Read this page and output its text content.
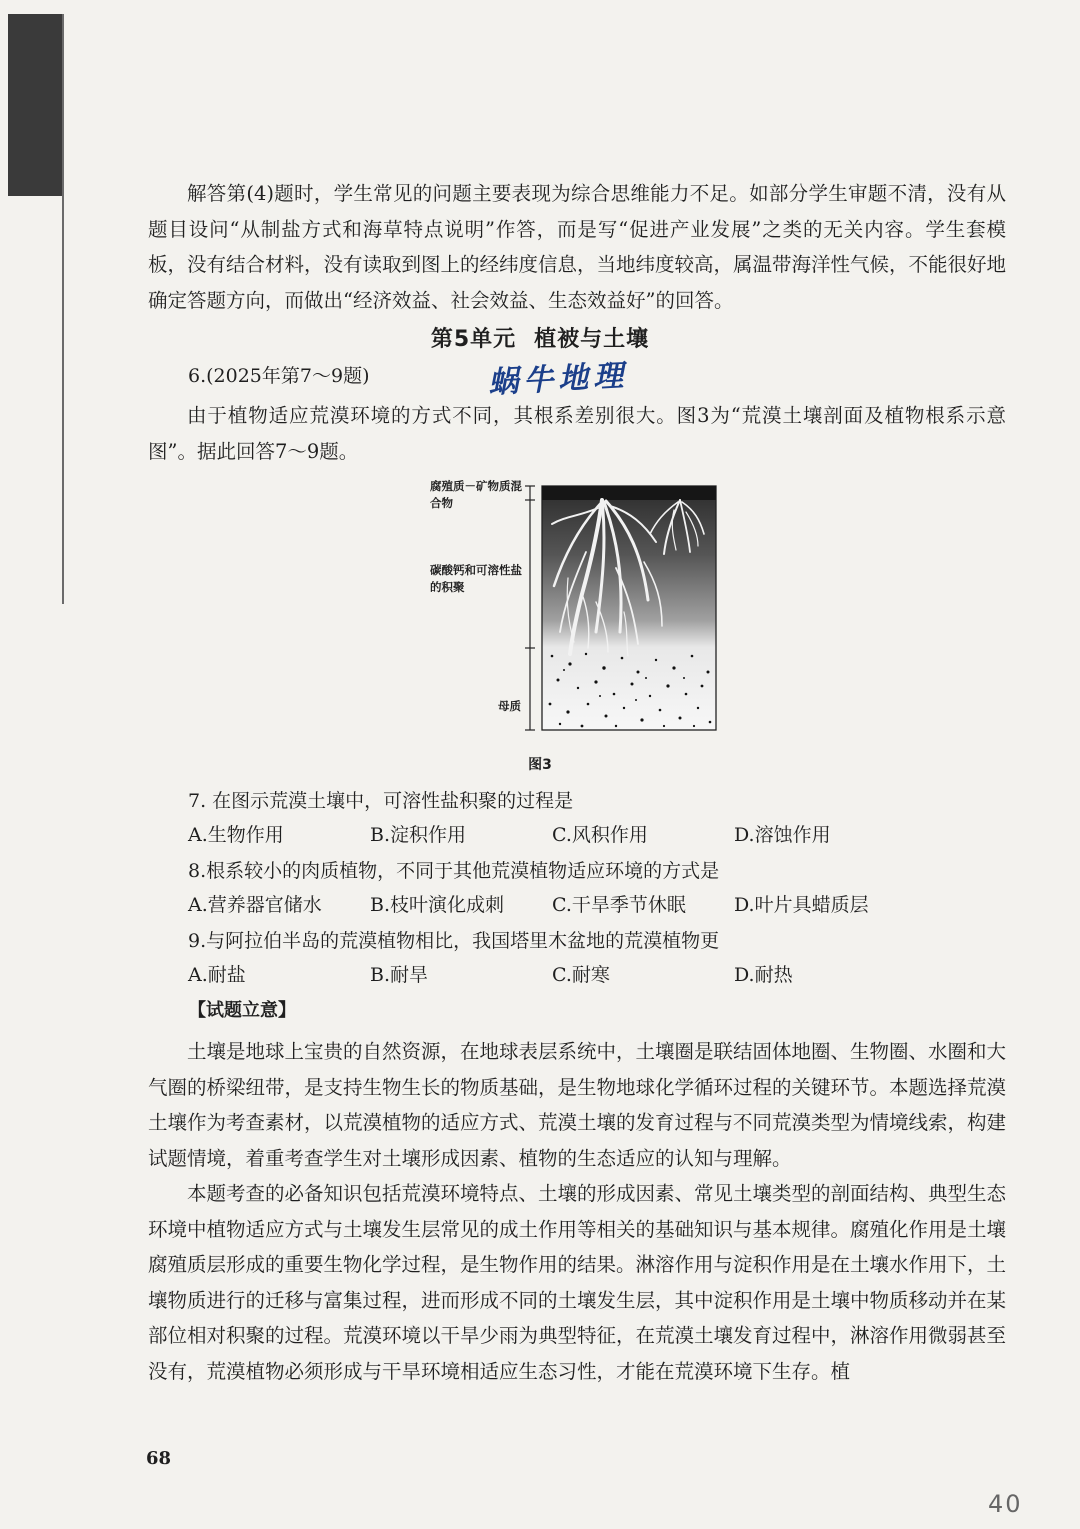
解答第(4)题时，学生常见的问题主要表现为综合思维能力不足。如部分学生审题不清，没有从题目设问“从制盐方式和海草特点说明”作答，而是写“促进产业发展”之类的无关内容。学生套模板，没有结合材料，没有读取到图上的经纬度信息，当地纬度较高，属温带海洋性气候，不能很好地确定答题方向，而做出“经济效益、社会效益、生态效益好”的回答。

第5单元 植被与土壤
6.(2025年第7～9题)	蜗牛地理

由于植物适应荒漠环境的方式不同，其根系差别很大。图3为“荒漠土壤剖面及植物根系示意图”。据此回答7～9题。

腐殖质－矿物质混合物
碳酸钙和可溶性盐的积聚
母质
图3
7. 在图示荒漠土壤中，可溶性盐积聚的过程是
A.生物作用	B.淀积作用	C.风积作用	D.溶蚀作用
8.根系较小的肉质植物，不同于其他荒漠植物适应环境的方式是
A.营养器官储水	B.枝叶演化成刺	C.干旱季节休眠	D.叶片具蜡质层
9.与阿拉伯半岛的荒漠植物相比，我国塔里木盆地的荒漠植物更
A.耐盐	B.耐旱	C.耐寒	D.耐热
【试题立意】

土壤是地球上宝贵的自然资源，在地球表层系统中，土壤圈是联结固体地圈、生物圈、水圈和大气圈的桥梁纽带，是支持生物生长的物质基础，是生物地球化学循环过程的关键环节。本题选择荒漠土壤作为考查素材，以荒漠植物的适应方式、荒漠土壤的发育过程与不同荒漠类型为情境线索，构建试题情境，着重考查学生对土壤形成因素、植物的生态适应的认知与理解。

本题考查的必备知识包括荒漠环境特点、土壤的形成因素、常见土壤类型的剖面结构、典型生态环境中植物适应方式与土壤发生层常见的成土作用等相关的基础知识与基本规律。腐殖化作用是土壤腐殖质层形成的重要生物化学过程，是生物作用的结果。淋溶作用与淀积作用是在土壤水作用下，土壤物质进行的迁移与富集过程，进而形成不同的土壤发生层，其中淀积作用是土壤中物质移动并在某部位相对积聚的过程。荒漠环境以干旱少雨为典型特征，在荒漠土壤发育过程中，淋溶作用微弱甚至没有，荒漠植物必须形成与干旱环境相适应生态习性，才能在荒漠环境下生存。植

68
40
